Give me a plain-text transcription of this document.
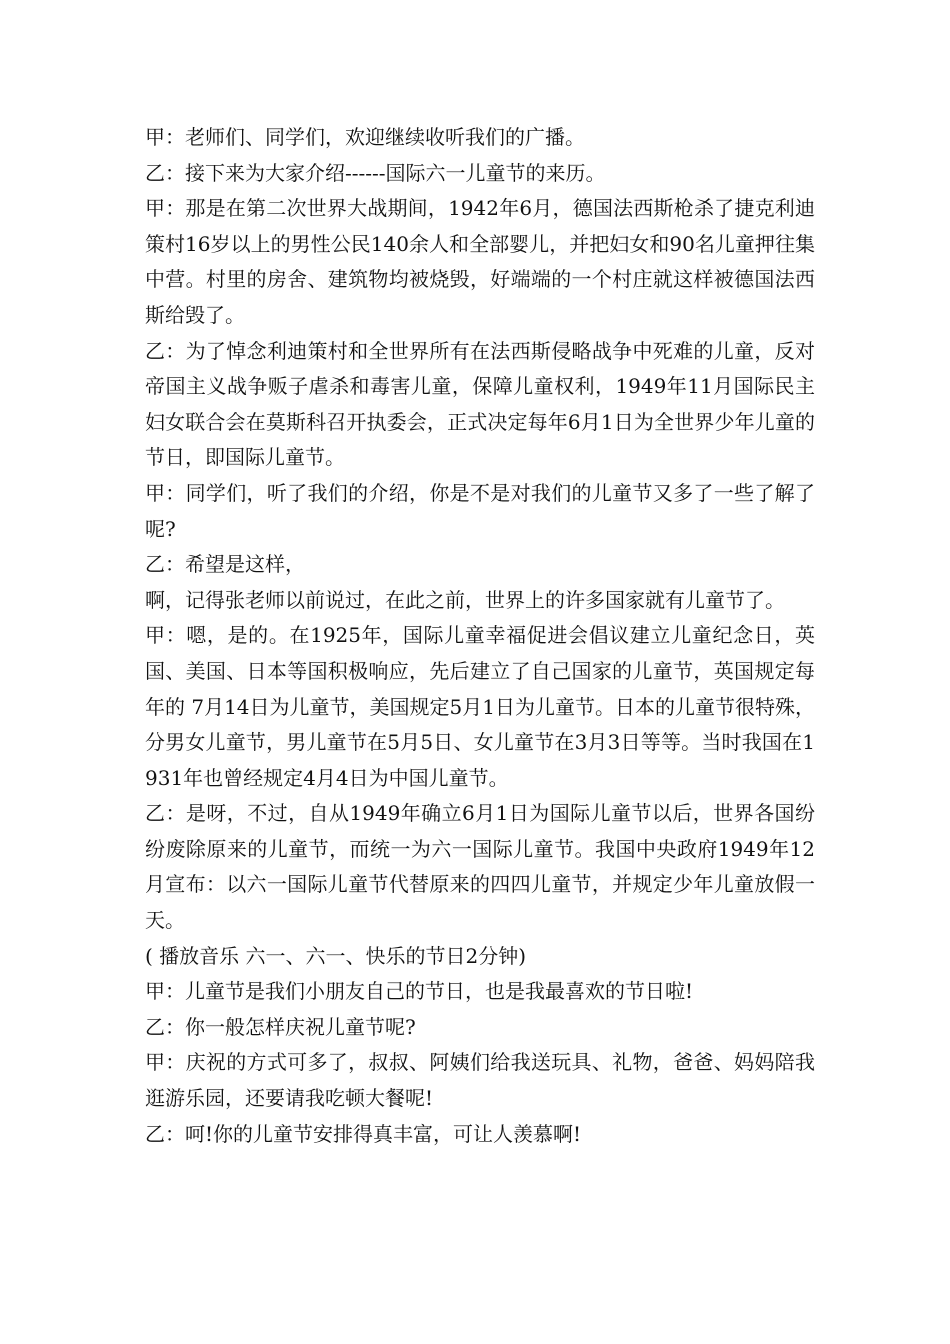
甲：老师们、同学们，欢迎继续收听我们的广播。

乙：接下来为大家介绍------国际六一儿童节的来历。

甲：那是在第二次世界大战期间，1942年6月，德国法西斯枪杀了捷克利迪策村16岁以上的男性公民140余人和全部婴儿，并把妇女和90名儿童押往集中营。村里的房舍、建筑物均被烧毁，好端端的一个村庄就这样被德国法西斯给毁了。

乙：为了悼念利迪策村和全世界所有在法西斯侵略战争中死难的儿童，反对帝国主义战争贩子虐杀和毒害儿童，保障儿童权利，1949年11月国际民主妇女联合会在莫斯科召开执委会，正式决定每年6月1日为全世界少年儿童的节日，即国际儿童节。

甲：同学们，听了我们的介绍，你是不是对我们的儿童节又多了一些了解了呢?

乙：希望是这样，

啊，记得张老师以前说过，在此之前，世界上的许多国家就有儿童节了。

甲：嗯，是的。在1925年，国际儿童幸福促进会倡议建立儿童纪念日，英国、美国、日本等国积极响应，先后建立了自己国家的儿童节，英国规定每年的 7月14日为儿童节，美国规定5月1日为儿童节。日本的儿童节很特殊，分男女儿童节，男儿童节在5月5日、女儿童节在3月3日等等。当时我国在1931年也曾经规定4月4日为中国儿童节。

乙：是呀，不过，自从1949年确立6月1日为国际儿童节以后，世界各国纷纷废除原来的儿童节，而统一为六一国际儿童节。我国中央政府1949年12月宣布：以六一国际儿童节代替原来的四四儿童节，并规定少年儿童放假一天。

( 播放音乐 六一、六一、快乐的节日2分钟)

甲：儿童节是我们小朋友自己的节日，也是我最喜欢的节日啦!

乙：你一般怎样庆祝儿童节呢?

甲：庆祝的方式可多了，叔叔、阿姨们给我送玩具、礼物，爸爸、妈妈陪我逛游乐园，还要请我吃顿大餐呢!

乙：呵!你的儿童节安排得真丰富，可让人羡慕啊!
